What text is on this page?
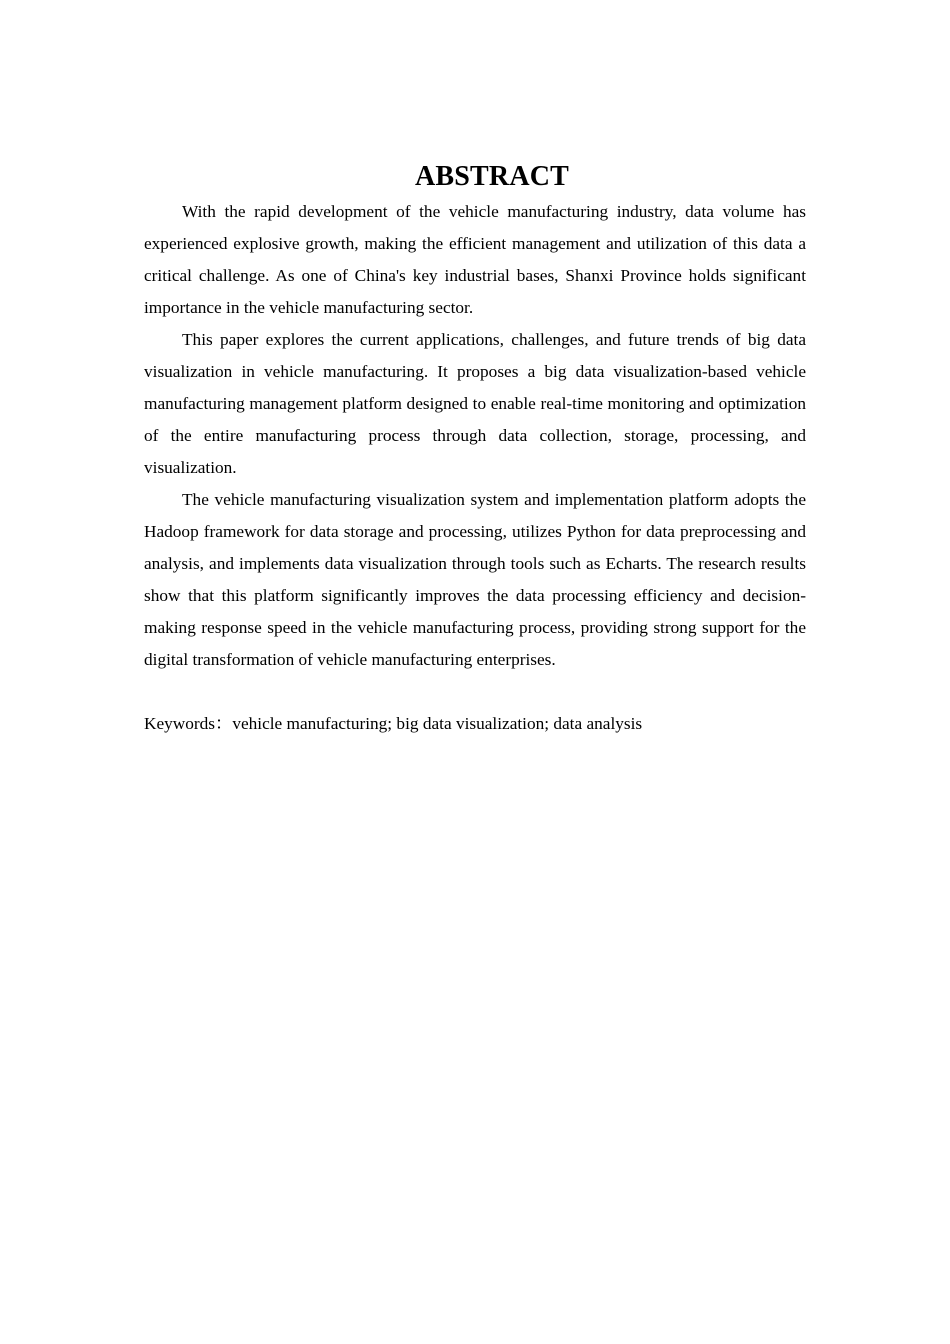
ABSTRACT

With the rapid development of the vehicle manufacturing industry, data volume has experienced explosive growth, making the efficient management and utilization of this data a critical challenge. As one of China's key industrial bases, Shanxi Province holds significant importance in the vehicle manufacturing sector.

This paper explores the current applications, challenges, and future trends of big data visualization in vehicle manufacturing. It proposes a big data visualization-based vehicle manufacturing management platform designed to enable real-time monitoring and optimization of the entire manufacturing process through data collection, storage, processing, and visualization.

The vehicle manufacturing visualization system and implementation platform adopts the Hadoop framework for data storage and processing, utilizes Python for data preprocessing and analysis, and implements data visualization through tools such as Echarts. The research results show that this platform significantly improves the data processing efficiency and decision-making response speed in the vehicle manufacturing process, providing strong support for the digital transformation of vehicle manufacturing enterprises.

Keywords：vehicle manufacturing; big data visualization; data analysis
